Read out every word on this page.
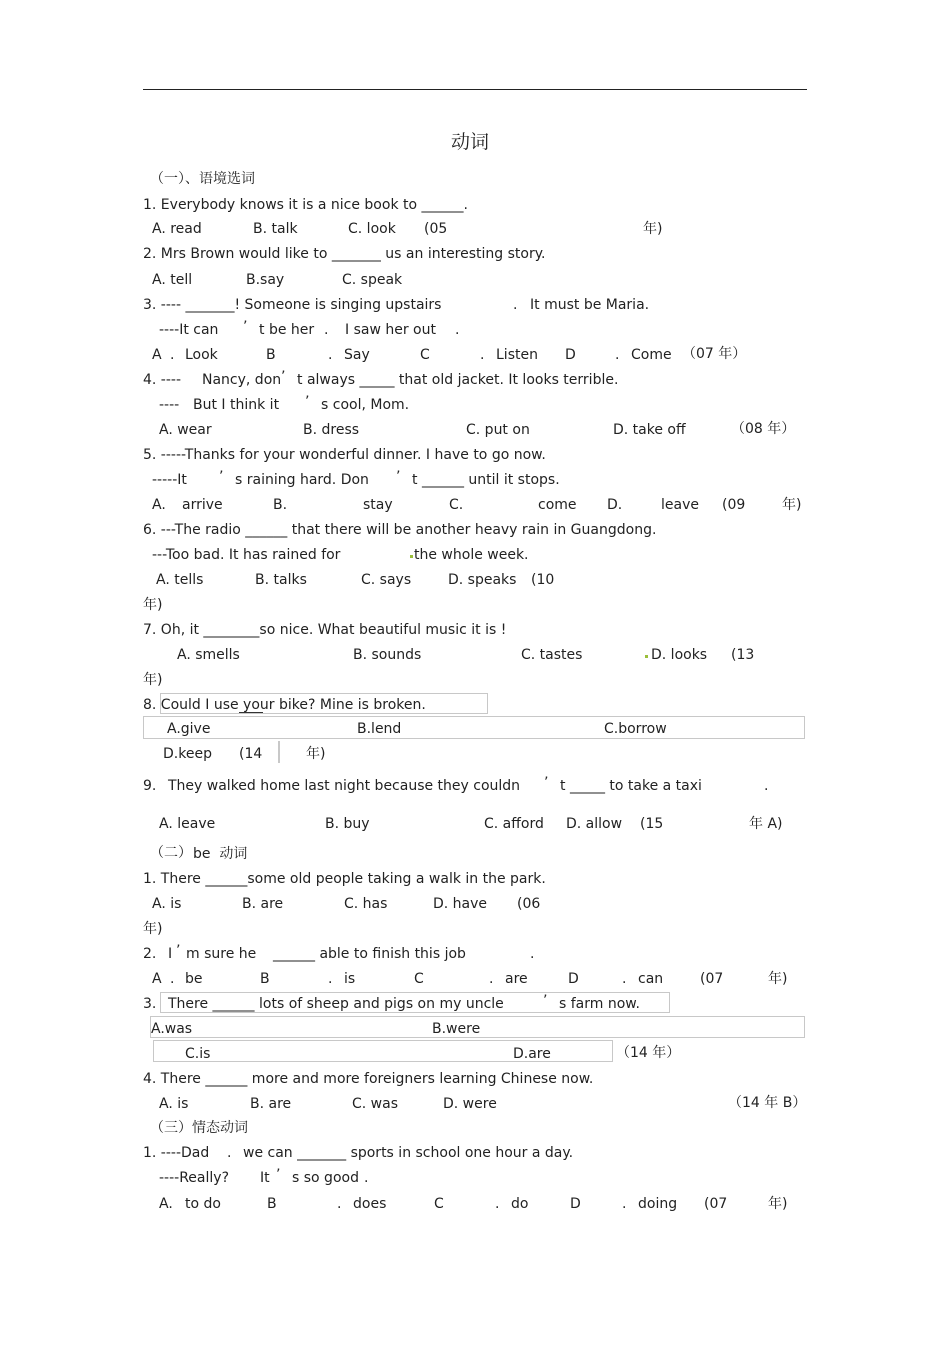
动词
（一）、语境选词
1. Everybody knows it is a nice book to ______.
A. read	B. talk	C. look (05	年)
2. Mrs Brown would like to _______ us an interesting story.
A. tell	B.say	C. speak
3. ---- _______! Someone is singing upstairs	. It must be Maria.
----It can ’ t be her . I saw her out .
A . Look	B	. Say	C	. Listen D	. Come （07 年）
4. ---- Nancy, don ’ t always _____ that old jacket. It looks terrible.
---- But I think it ’ s cool, Mom.
A. wear	B. dress	C. put on	D. take off	（08 年）
5. -----Thanks for your wonderful dinner. I have to go now.
-----It ’ s raining hard. Don ’ t ______ until it stops.
A. arrive	B.	stay	C.	come D.	leave (09	年)
6. ---The radio ______ that there will be another heavy rain in Guangdong.
---Too bad. It has rained for	the whole week.
A. tells	B. talks	C. says	D. speaks (10
年)
7. Oh, it ________so nice. What beautiful music it is !
A. smells	B. sounds	C. tastes	D. looks (13
年)
8. Could I use your bike? Mine is broken.
A.give	B.lend	C.borrow
D.keep (14	年)
9. They walked home last night because they couldn ’ t _____ to take a taxi	.
A. leave	B. buy	C. afford D. allow (15	年 A)
（二） be  动词
1. There ______some old people taking a walk in the park.
A. is	B. are	C. has	D. have (06
年)
2. I ’ m sure he ______ able to finish this job	.
A . be	B	. is	C	. are	D	. can	(07	年)
3. There ______ lots of sheep and pigs on my uncle	’ s farm now.
A.was	B.were
C.is	D.are	（14 年）
4. There ______ more and more foreigners learning Chinese now.
A. is	B. are	C. was	D. were	（14 年 B）
（三）情态动词
1. ----Dad . we can _______ sports in school one hour a day.
----Really? It ’ s so good .
A. to do	B	. does	C	. do	D	. doing (07	年)
